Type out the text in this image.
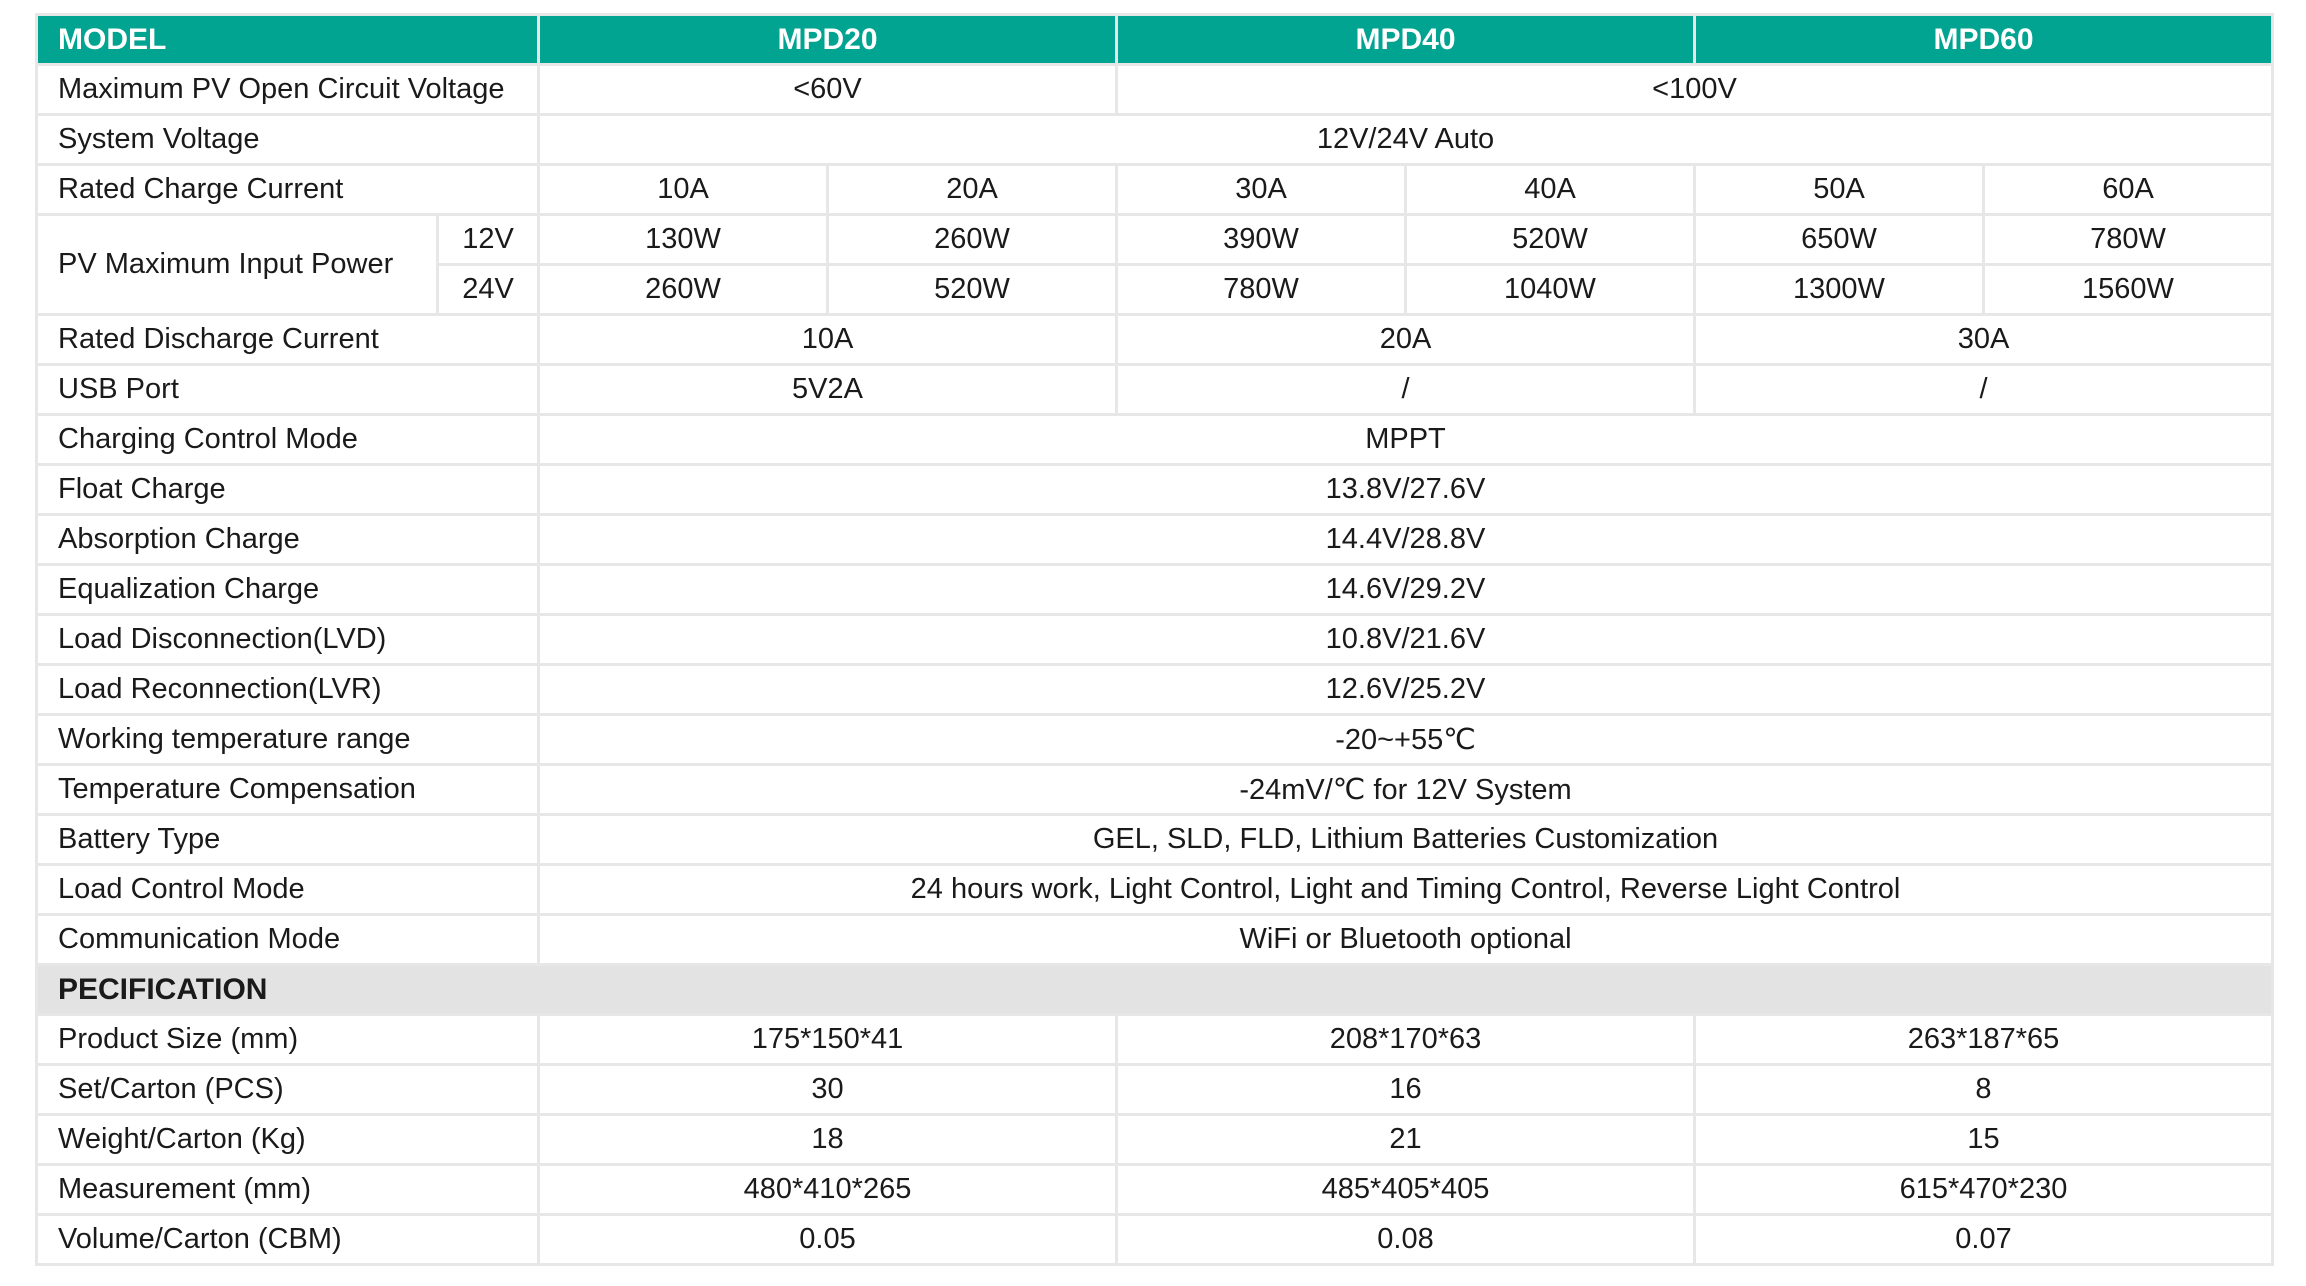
MODEL		MPD20		MPD40		MPD60	
Maximum PV Open Circuit Voltage		<60V		<100V			
System Voltage		12V/24V Auto					
Rated Charge Current		10A	20A	30A	40A	50A	60A
PV Maximum Input Power	12V	130W	260W	390W	520W	650W	780W
	24V	260W	520W	780W	1040W	1300W	1560W
Rated Discharge Current		10A		20A		30A	
USB Port		5V2A		/		/	
Charging Control Mode		MPPT					
Float Charge		13.8V/27.6V					
Absorption Charge		14.4V/28.8V					
Equalization Charge		14.6V/29.2V					
Load Disconnection(LVD)		10.8V/21.6V					
Load Reconnection(LVR)		12.6V/25.2V					
Working temperature range		-20~+55℃					
Temperature Compensation		-24mV/℃ for 12V System					
Battery Type		GEL, SLD, FLD, Lithium Batteries Customization					
Load Control Mode		24 hours work, Light Control, Light and Timing Control, Reverse Light Control					
Communication Mode		WiFi or Bluetooth optional					
PECIFICATION							
Product Size (mm)		175*150*41		208*170*63		263*187*65	
Set/Carton (PCS)		30		16		8	
Weight/Carton (Kg)		18		21		15	
Measurement (mm)		480*410*265		485*405*405		615*470*230	
Volume/Carton (CBM)		0.05		0.08		0.07	
